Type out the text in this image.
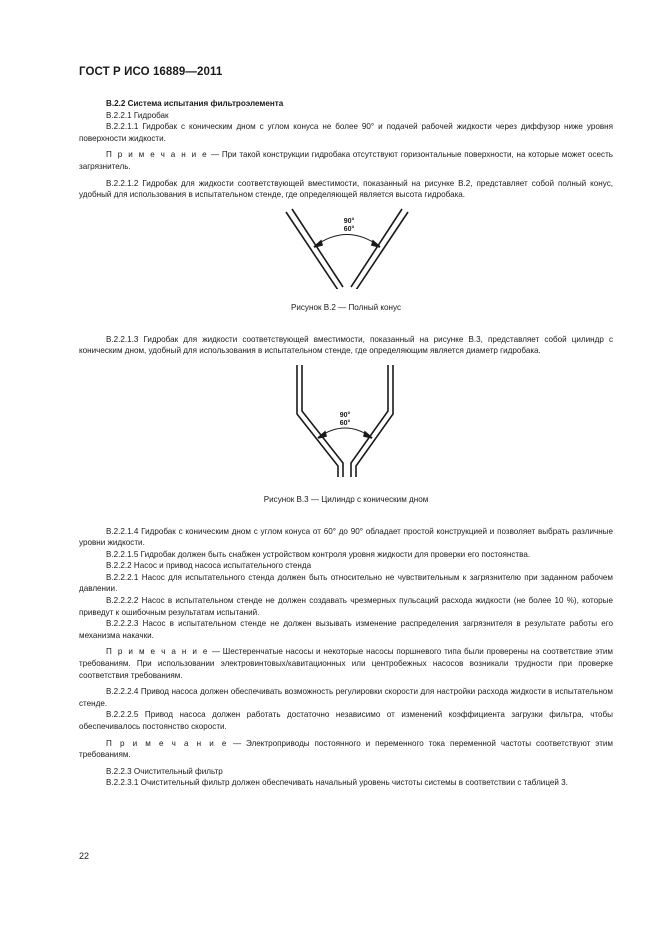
ГОСТ Р ИСО 16889—2011

В.2.2 Система испытания фильтроэлемента

В.2.2.1 Гидробак

В.2.2.1.1 Гидробак с коническим дном с углом конуса не более 90° и подачей рабочей жидкости через диффузор ниже уровня поверхности жидкости.

П р и м е ч а н и е — При такой конструкции гидробака отсутствуют горизонтальные поверхности, на которые может осесть загрязнитель.

В.2.2.1.2 Гидробак для жидкости соответствующей вместимости, показанный на рисунке В.2, представляет собой полный конус, удобный для использования в испытательном стенде, где определяющей является высота гидробака.

90°
60°

Рисунок В.2 — Полный конус

В.2.2.1.3 Гидробак для жидкости соответствующей вместимости, показанный на рисунке В.3, представляет собой цилиндр с коническим дном, удобный для использования в испытательном стенде, где определяющим является диаметр гидробака.

90°
60°

Рисунок В.3 — Цилиндр с коническим дном

В.2.2.1.4 Гидробак с коническим дном с углом конуса от 60° до 90° обладает простой конструкцией и позволяет выбрать различные уровни жидкости.

В.2.2.1.5 Гидробак должен быть снабжен устройством контроля уровня жидкости для проверки его постоянства.

В.2.2.2 Насос и привод насоса испытательного стенда

В.2.2.2.1 Насос для испытательного стенда должен быть относительно не чувствительным к загрязнителю при заданном рабочем давлении.

В.2.2.2.2 Насос в испытательном стенде не должен создавать чрезмерных пульсаций расхода жидкости (не более 10 %), которые приведут к ошибочным результатам испытаний.

В.2.2.2.3 Насос в испытательном стенде не должен вызывать изменение распределения загрязнителя в результате работы его механизма накачки.

П р и м е ч а н и е — Шестеренчатые насосы и некоторые насосы поршневого типа были проверены на соответствие этим требованиям. При использовании электровинтовых/кавитационных или центробежных насосов возникали трудности при проверке соответствия требованиям.

В.2.2.2.4 Привод насоса должен обеспечивать возможность регулировки скорости для настройки расхода жидкости в испытательном стенде.

В.2.2.2.5 Привод насоса должен работать достаточно независимо от изменений коэффициента загрузки фильтра, чтобы обеспечивалось постоянство скорости.

П р и м е ч а н и е — Электроприводы постоянного и переменного тока переменной частоты соответствуют этим требованиям.

В.2.2.3 Очистительный фильтр

В.2.2.3.1 Очистительный фильтр должен обеспечивать начальный уровень чистоты системы в соответствии с таблицей 3.

22
